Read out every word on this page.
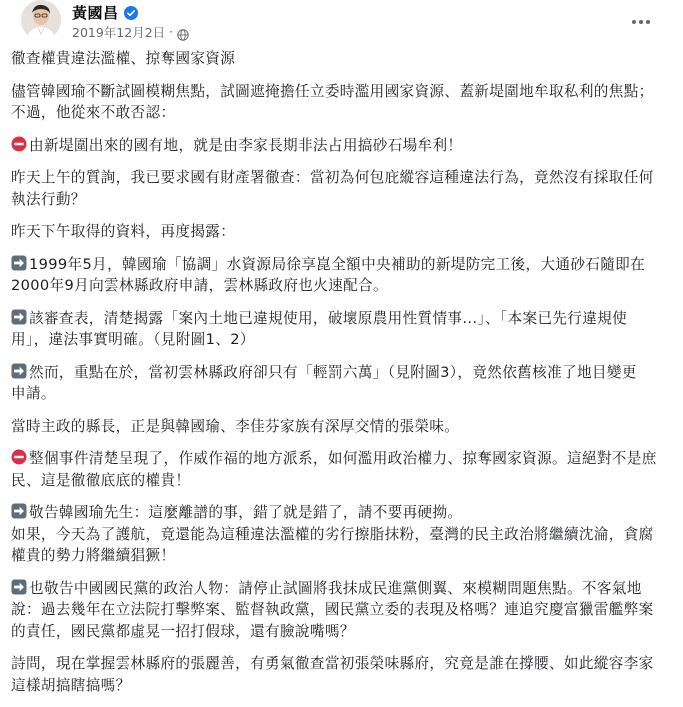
黃國昌
2019年12月2日 ·
徹查權貴違法濫權、掠奪國家資源
儘管韓國瑜不斷試圖模糊焦點，試圖遮掩擔任立委時濫用國家資源、蓋新堤圍地牟取私利的焦點；
不過，他從來不敢否認：
由新堤圍出來的國有地，就是由李家長期非法占用搞砂石場牟利！
昨天上午的質詢，我已要求國有財產署徹查：當初為何包庇縱容這種違法行為，竟然沒有採取任何
執法行動？
昨天下午取得的資料，再度揭露：
1999年5月，韓國瑜「協調」水資源局徐享崑全額中央補助的新堤防完工後，大通砂石隨即在
2000年9月向雲林縣政府申請，雲林縣政府也火速配合。
該審查表，清楚揭露「案內土地已違規使用，破壞原農用性質情事...」、「本案已先行違規使
用」，違法事實明確。（見附圖1、2）
然而，重點在於，當初雲林縣政府卻只有「輕罰六萬」（見附圖3），竟然依舊核准了地目變更
申請。
當時主政的縣長，正是與韓國瑜、李佳芬家族有深厚交情的張榮味。
整個事件清楚呈現了，作威作福的地方派系，如何濫用政治權力、掠奪國家資源。這絕對不是庶
民、這是徹徹底底的權貴！
敬告韓國瑜先生：這麼離譜的事，錯了就是錯了，請不要再硬拗。
如果，今天為了護航，竟還能為這種違法濫權的劣行擦脂抹粉，臺灣的民主政治將繼續沈淪，貪腐
權貴的勢力將繼續猖獗！
也敬告中國國民黨的政治人物：請停止試圖將我抹成民進黨側翼、來模糊問題焦點。不客氣地
說：過去幾年在立法院打擊弊案、監督執政黨，國民黨立委的表現及格嗎？連追究慶富獵雷艦弊案
的責任，國民黨都虛晃一招打假球，還有臉說嘴嗎？
詩問，現在掌握雲林縣府的張麗善，有勇氣徹查當初張榮味縣府，究竟是誰在撐腰、如此縱容李家
這樣胡搞瞎搞嗎？
